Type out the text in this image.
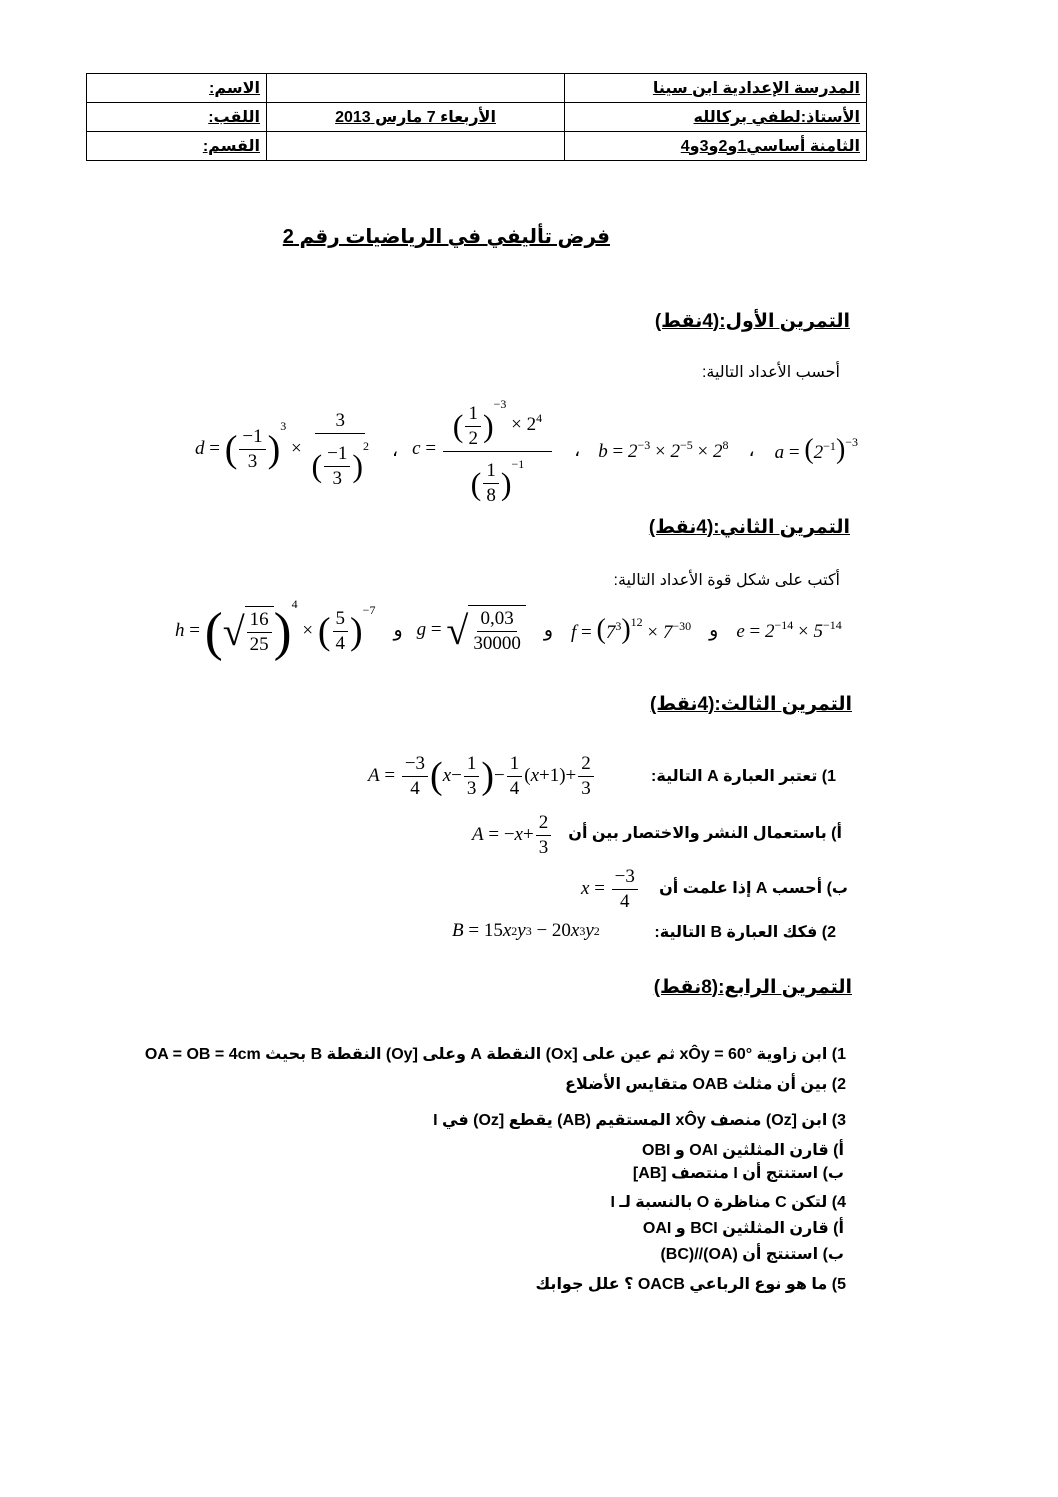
الاسم:		المدرسة الإعدادية ابن سينا
اللقب:	الأربعاء 7 مارس 2013	الأستاذ:لطفي بركالله
القسم:		الثامنة أساسي1و2و3و4
فرض تأليفي في الرياضيات رقم 2
التمرين الأول:(4نقط)
أحسب الأعداد التالية:
d = ( $\frac{-1}{3} )^3 \times \frac{3}{( \frac{-1}{3} )^2}$ ، $c = \frac{( \frac{1}{2} )^{-3} \times 2^4}{( \frac{1}{8} )^{-1}}$ ، $b = 2^{-3} \times 2^{-5} \times 2^8$ ، $a = (2^{-1})^{-3}$
التمرين الثاني:(4نقط)
أكتب على شكل قوة الأعداد التالية:
h = ( √ $\frac{16}{25} )^4$ × ( $\frac{5}{4} )^{-7}$
و g = √ $\frac{0,03}{30000}$ و $f = (7^3)^{12} \times 7^{-30}$ و $e = 2^{-14} \times 5^{-14}$
التمرين الثالث:(4نقط)
1) تعتبر العبارة A التالية:
$A = \frac{-3}{4}$ ( $x - \frac{1}{3}$ ) − $\frac{1}{4}$ ( $x +1)+ \frac{2}{3}$
أ) باستعمال النشر والاختصار بين أن
A = − $x + \frac{2}{3}$
ب) أحسب A إذا علمت أن
$x = \frac{-3}{4}$
2) فكك العبارة B التالية:
B = 15 x 2 y 3 − 20 x 3 y 2
التمرين الرابع:(8نقط)
1) ابن زاوية xÔy = 60° ثم عين على [Ox) النقطة A وعلى [Oy) النقطة B بحيث OA = OB = 4cm
2) بين أن مثلث OAB متقايس الأضلاع
3) ابن [Oz) منصف xÔy المستقيم (AB) يقطع [Oz) في I
أ) قارن المثلثين OAI و OBI
ب) استنتج أن I منتصف [AB]
4) لتكن C مناظرة O بالنسبة لـ I
أ) قارن المثلثين BCI و OAI
ب) استنتج أن (OA)//(BC)
5) ما هو نوع الرباعي OACB ؟ علل جوابك
